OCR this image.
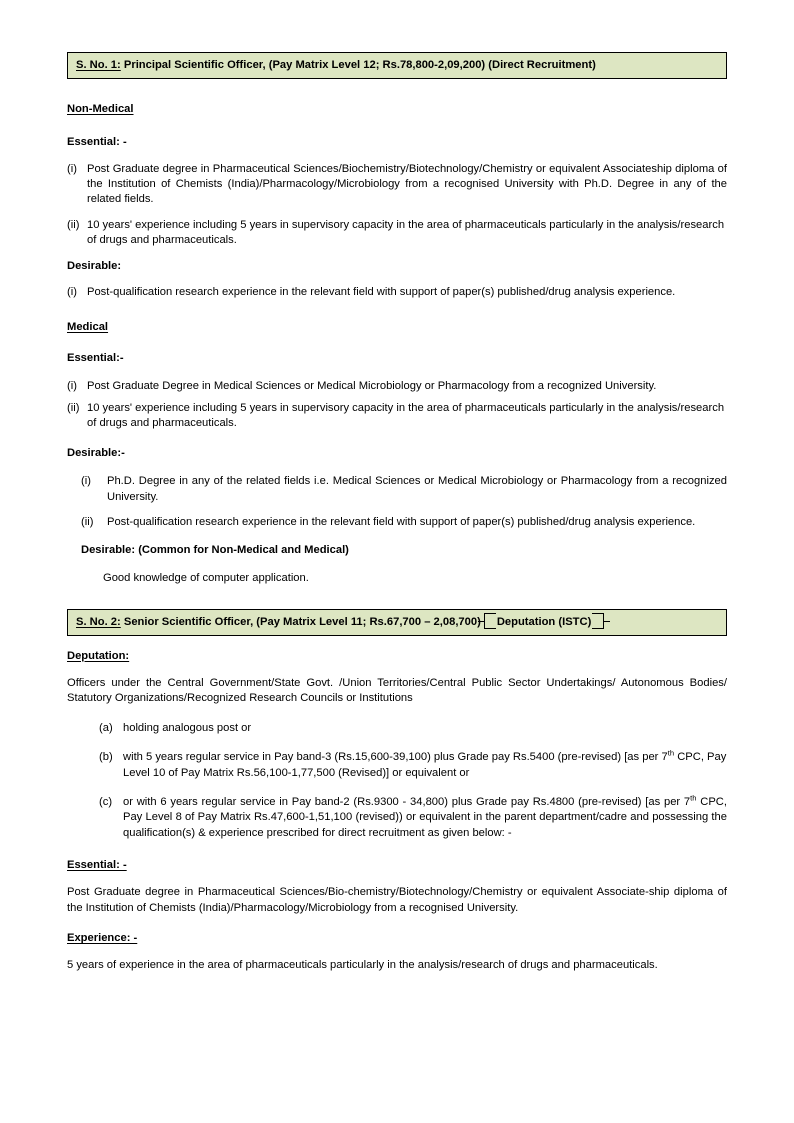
S. No. 1: Principal Scientific Officer, (Pay Matrix Level 12; Rs.78,800-2,09,200) (Direct Recruitment)
Non-Medical
Essential: -
(i) Post Graduate degree in Pharmaceutical Sciences/Biochemistry/Biotechnology/Chemistry or equivalent Associateship diploma of the Institution of Chemists (India)/Pharmacology/Microbiology from a recognised University with Ph.D. Degree in any of the related fields.
(ii) 10 years' experience including 5 years in supervisory capacity in the area of pharmaceuticals particularly in the analysis/research of drugs and pharmaceuticals.
Desirable:
(i) Post-qualification research experience in the relevant field with support of paper(s) published/drug analysis experience.
Medical
Essential:-
(i) Post Graduate Degree in Medical Sciences or Medical Microbiology or Pharmacology from a recognized University.
(ii) 10 years' experience including 5 years in supervisory capacity in the area of pharmaceuticals particularly in the analysis/research of drugs and pharmaceuticals.
Desirable:-
(i)	Ph.D. Degree in any of the related fields i.e. Medical Sciences or Medical Microbiology or Pharmacology from a recognized University.
(ii)	Post-qualification research experience in the relevant field with support of paper(s) published/drug analysis experience.
Desirable: (Common for Non-Medical and Medical)
Good knowledge of computer application.
S. No. 2: Senior Scientific Officer, (Pay Matrix Level 11; Rs.67,700 – 2,08,700) Deputation (ISTC)
Deputation:
Officers under the Central Government/State Govt. /Union Territories/Central Public Sector Undertakings/ Autonomous Bodies/ Statutory Organizations/Recognized Research Councils or Institutions
(a) holding analogous post or
(b) with 5 years regular service in Pay band-3 (Rs.15,600-39,100) plus Grade pay Rs.5400 (pre-revised) [as per 7th CPC, Pay Level 10 of Pay Matrix Rs.56,100-1,77,500 (Revised)] or equivalent or
(c) or with 6 years regular service in Pay band-2 (Rs.9300 - 34,800) plus Grade pay Rs.4800 (pre-revised) [as per 7th CPC, Pay Level 8 of Pay Matrix Rs.47,600-1,51,100 (revised)) or equivalent in the parent department/cadre and possessing the qualification(s) & experience prescribed for direct recruitment as given below: -
Essential: -
Post Graduate degree in Pharmaceutical Sciences/Bio-chemistry/Biotechnology/Chemistry or equivalent Associate-ship diploma of the Institution of Chemists (India)/Pharmacology/Microbiology from a recognised University.
Experience: -
5 years of experience in the area of pharmaceuticals particularly in the analysis/research of drugs and pharmaceuticals.
